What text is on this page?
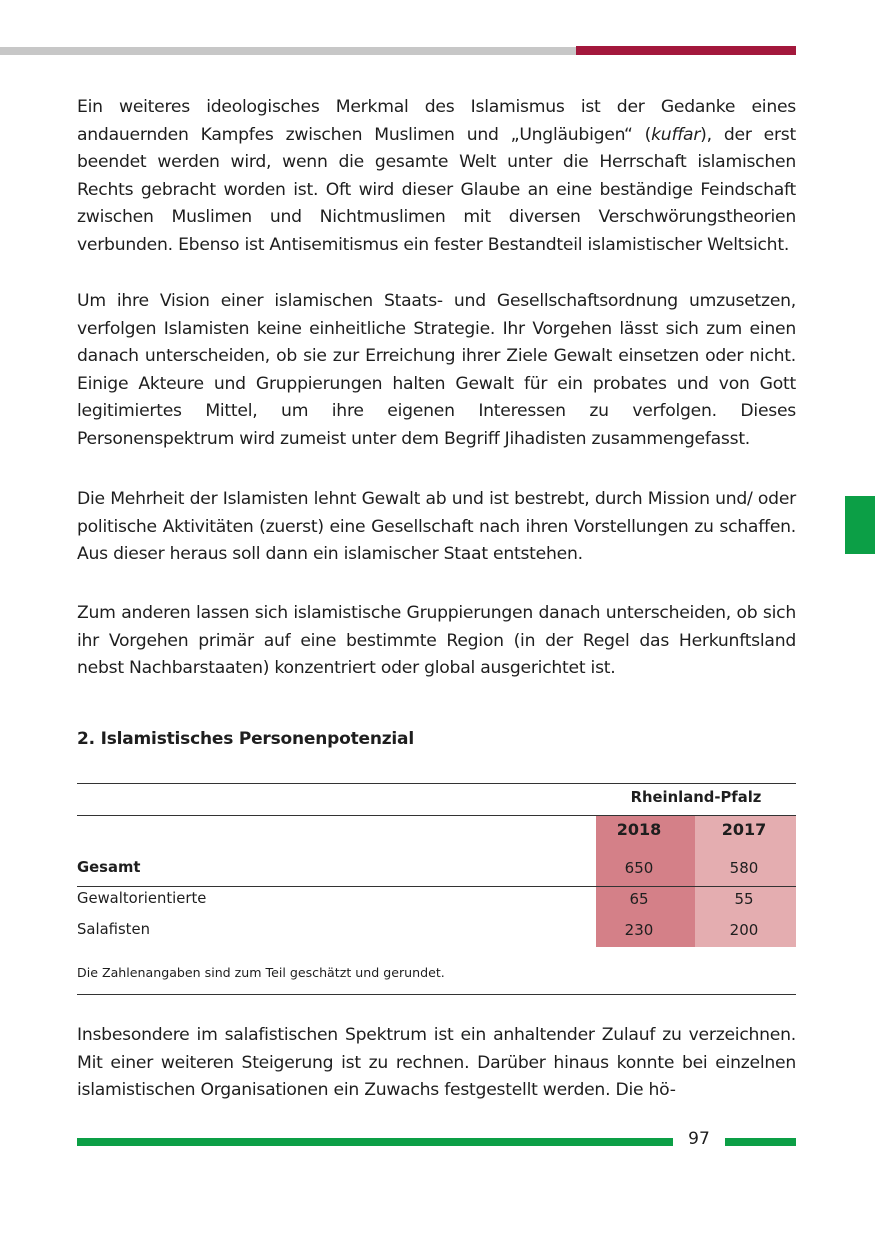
Ein weiteres ideologisches Merkmal des Islamismus ist der Gedanke eines andauernden Kampfes zwischen Muslimen und „Ungläubigen“ (kuffar), der erst beendet werden wird, wenn die gesamte Welt unter die Herrschaft islamischen Rechts gebracht worden ist. Oft wird dieser Glaube an eine beständige Feindschaft zwischen Muslimen und Nichtmuslimen mit diversen Verschwörungstheorien verbunden. Ebenso ist Antisemitismus ein fester Bestandteil islamistischer Weltsicht.

Um ihre Vision einer islamischen Staats- und Gesellschaftsordnung umzusetzen, verfolgen Islamisten keine einheitliche Strategie. Ihr Vorgehen lässt sich zum einen danach unterscheiden, ob sie zur Erreichung ihrer Ziele Gewalt einsetzen oder nicht. Einige Akteure und Gruppierungen halten Gewalt für ein probates und von Gott legitimiertes Mittel, um ihre eigenen Interessen zu verfolgen. Dieses Personenspektrum wird zumeist unter dem Begriff Jihadisten zusammengefasst.

Die Mehrheit der Islamisten lehnt Gewalt ab und ist bestrebt, durch Mission und/ oder politische Aktivitäten (zuerst) eine Gesellschaft nach ihren Vorstellungen zu schaffen. Aus dieser heraus soll dann ein islamischer Staat entstehen.

Zum anderen lassen sich islamistische Gruppierungen danach unterscheiden, ob sich ihr Vorgehen primär auf eine bestimmte Region (in der Regel das Herkunftsland nebst Nachbarstaaten) konzentriert oder global ausgerichtet ist.

2. Islamistisches Personenpotenzial
Rheinland-Pfalz
2018	2017
Gesamt	650	580
Gewaltorientierte	65	55
Salafisten	230	200
Die Zahlenangaben sind zum Teil geschätzt und gerundet.

Insbesondere im salafistischen Spektrum ist ein anhaltender Zulauf zu verzeichnen. Mit einer weiteren Steigerung ist zu rechnen. Darüber hinaus konnte bei einzelnen islamistischen Organisationen ein Zuwachs festgestellt werden. Die hö-

97
